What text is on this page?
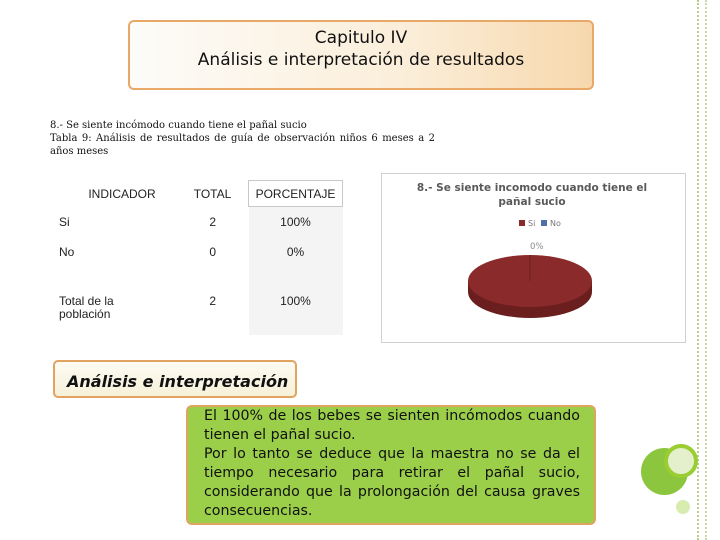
Capitulo IV
Análisis e interpretación de resultados

8.- Se siente incómodo cuando tiene el pañal sucio

Tabla 9: Análisis de resultados de guía de observación niños 6 meses a 2 años meses

INDICADOR	TOTAL	PORCENTAJE
Si	2	100%
No	0	0%
Total de la
población	2	100%
8.- Se siente incomodo cuando tiene el
pañal sucio
Si No
100%
0%
Análisis e interpretación

El 100% de los bebes se sienten incómodos cuando tienen el pañal sucio.

Por lo tanto se deduce que la maestra no se da el tiempo necesario para retirar el pañal sucio, considerando que la prolongación del causa graves consecuencias.
